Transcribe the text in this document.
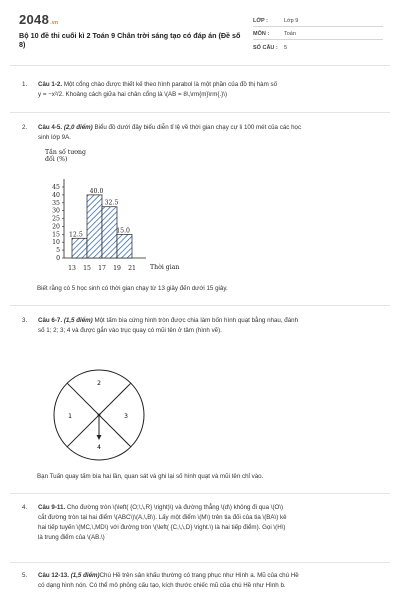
2048.vn
Bộ 10 đề thi cuối kì 2 Toán 9 Chân trời sáng tạo có đáp án (Đề số 8)
LỚP :	Lớp 9
MÔN :	Toán
SỐ CÂU : 5
1. Câu 1-2. Một cổng chào được thiết kế theo hình parabol là một phần của đồ thị hàm số
y = −x²/2. Khoảng cách giữa hai chân cổng là \(AB = 8\,\rm{m}\rm{.}\)
2. Câu 4-5. (2,0 điểm) Biểu đồ dưới đây biểu diễn tỉ lệ về thời gian chạy cự li 100 mét của các học
sinh lớp 9A.
Tần số tương
đối (%)
0
5
10
15
20
25
30
35
40
45
12.5
40.0
32.5
15.0
13 15 17 19 21 Thời gian
Biết rằng có 5 học sinh có thời gian chạy từ 13 giây đến dưới 15 giây.
3. Câu 6-7. (1,5 điểm) Một tấm bìa cứng hình tròn được chia làm bốn hình quạt bằng nhau, đánh
số 1; 2; 3; 4 và được gắn vào trục quay có mũi tên ở tâm (hình vẽ).
1
2
3
4
Bạn Tuấn quay tấm bìa hai lần, quan sát và ghi lại số hình quạt và mũi tên chỉ vào.
4. Câu 9-11. Cho đường tròn \(\left( {O;\,\,R} \right)\) và đường thẳng \(d\) không đi qua \(O\)
cắt đường tròn tại hai điểm \(ABC\)\(A,\,B\). Lấy một điểm \(M\) trên tia đối của tia \(BA\) kẻ
hai tiếp tuyến \(MC,\,MD\) với đường tròn \(\left( {C,\,\,D} \right.\) là hai tiếp điểm). Gọi \(H\)
là trung điểm của \(AB.\)
5. Câu 12-13. (1,5 điểm)Chú Hề trên sân khấu thường có trang phục như Hình a. Mũ của chú Hề
có dạng hình nón. Có thể mô phỏng cấu tạo, kích thước chiếc mũ của chú Hề như Hình b.
